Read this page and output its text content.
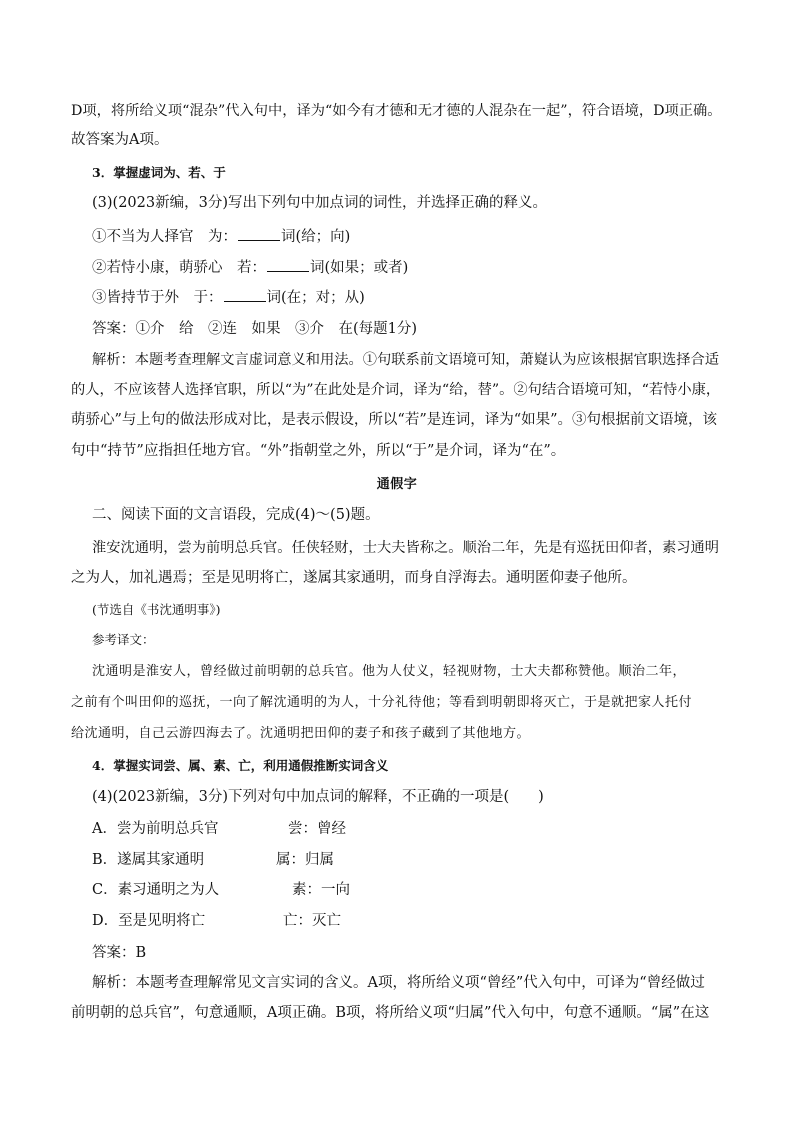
D项，将所给义项“混杂”代入句中，译为“如今有才德和无才德的人混杂在一起”，符合语境，D项正确。
故答案为A项。
3．掌握虚词为、若、于
(3)(2023新编，3分)写出下列句中加点词的词性，并选择正确的释义。
①不当为人择官　为：	词(给；向)
②若恃小康，萌骄心　若：	词(如果；或者)
③皆持节于外　于：	词(在；对；从)
答案：①介　给　②连　如果　③介　在(每题1分)
解析：本题考查理解文言虚词意义和用法。①句联系前文语境可知，萧嶷认为应该根据官职选择合适
的人，不应该替人选择官职，所以“为”在此处是介词，译为“给，替”。②句结合语境可知，“若恃小康，
萌骄心”与上句的做法形成对比，是表示假设，所以“若”是连词，译为“如果”。③句根据前文语境，该
句中“持节”应指担任地方官。“外”指朝堂之外，所以“于”是介词，译为“在”。
通假字
二、阅读下面的文言语段，完成(4)～(5)题。
淮安沈通明，尝为前明总兵官。任侠轻财，士大夫皆称之。顺治二年，先是有巡抚田仰者，素习通明
之为人，加礼遇焉；至是见明将亡，遂属其家通明，而身自浮海去。通明匿仰妻子他所。
(节选自《书沈通明事》)
参考译文：
沈通明是淮安人，曾经做过前明朝的总兵官。他为人仗义，轻视财物，士大夫都称赞他。顺治二年，
之前有个叫田仰的巡抚，一向了解沈通明的为人，十分礼待他；等看到明朝即将灭亡，于是就把家人托付
给沈通明，自己云游四海去了。沈通明把田仰的妻子和孩子藏到了其他地方。
4．掌握实词尝、属、素、亡，利用通假推断实词含义
(4)(2023新编，3分)下列对句中加点词的解释，不正确的一项是(　　)
A．尝为前明总兵官	尝：曾经
B．遂属其家通明	属：归属
C．素习通明之为人	素：一向
D．至是见明将亡	亡：灭亡
答案：B
解析：本题考查理解常见文言实词的含义。A项，将所给义项“曾经”代入句中，可译为“曾经做过
前明朝的总兵官”，句意通顺，A项正确。B项，将所给义项“归属”代入句中，句意不通顺。“属”在这
